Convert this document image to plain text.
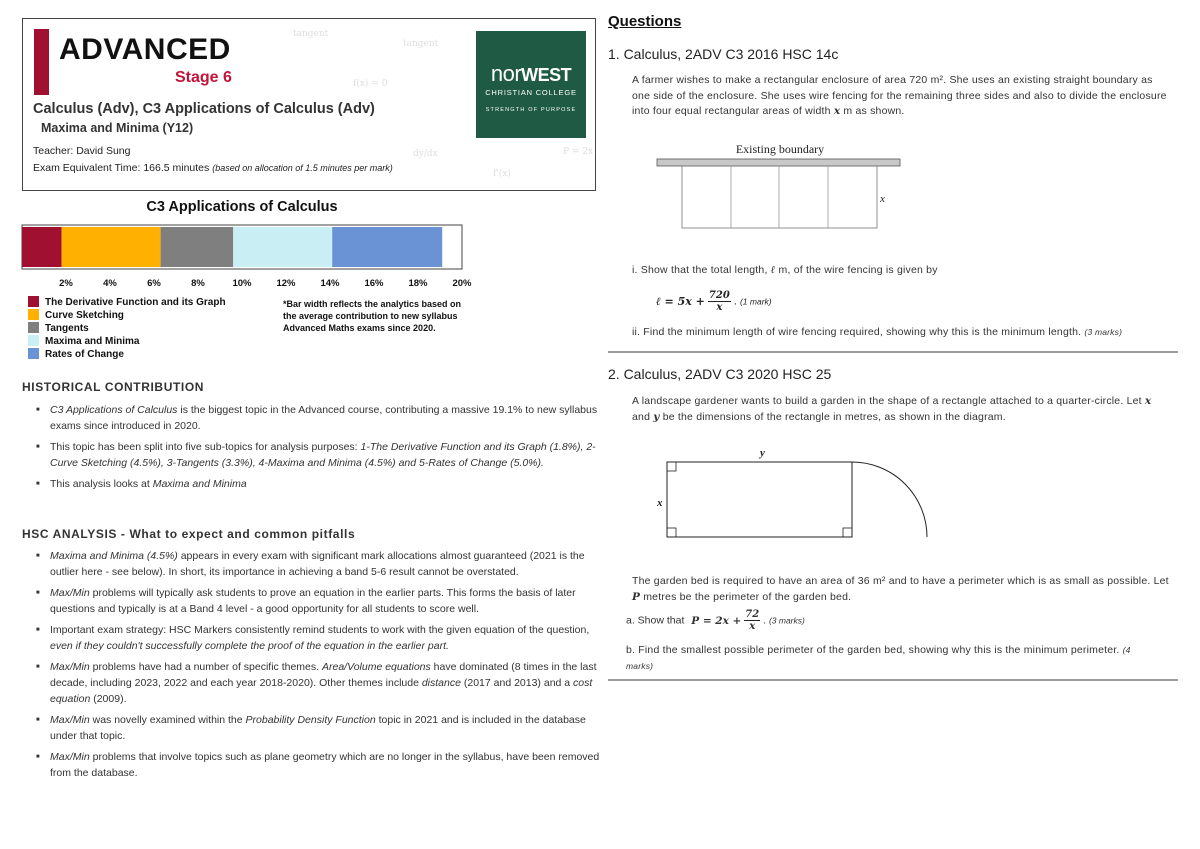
tangent
f(x) = 0
dy/dx	P = 2x
tangent
f'(x)
ADVANCED
Stage 6
Calculus (Adv), C3 Applications of Calculus (Adv)
Maxima and Minima (Y12)
Teacher: David Sung
Exam Equivalent Time: 166.5 minutes (based on allocation of 1.5 minutes per mark)
norWEST
CHRISTIAN COLLEGE
STRENGTH OF PURPOSE
C3 Applications of Calculus
2%	4%	6%	8%	10%	12%	14%	16%	18%	20%
The Derivative Function and its Graph
Curve Sketching
Tangents
Maxima and Minima
Rates of Change
*Bar width reflects the analytics based on the average contribution to new syllabus Advanced Maths exams since 2020.
HISTORICAL CONTRIBUTION
■ C3 Applications of Calculus is the biggest topic in the Advanced course, contributing a massive 19.1% to new syllabus exams since introduced in 2020.
■ This topic has been split into five sub-topics for analysis purposes: 1-The Derivative Function and its Graph (1.8%), 2-Curve Sketching (4.5%), 3-Tangents (3.3%), 4-Maxima and Minima (4.5%) and 5-Rates of Change (5.0%).
■ This analysis looks at Maxima and Minima
HSC ANALYSIS - What to expect and common pitfalls
■ Maxima and Minima (4.5%) appears in every exam with significant mark allocations almost guaranteed (2021 is the outlier here - see below). In short, its importance in achieving a band 5-6 result cannot be overstated.
■ Max/Min problems will typically ask students to prove an equation in the earlier parts. This forms the basis of later questions and typically is at a Band 4 level - a good opportunity for all students to score well.
■ Important exam strategy: HSC Markers consistently remind students to work with the given equation of the question, even if they couldn't successfully complete the proof of the equation in the earlier part.
■ Max/Min problems have had a number of specific themes. Area/Volume equations have dominated (8 times in the last decade, including 2023, 2022 and each year 2018-2020). Other themes include distance (2017 and 2013) and a cost equation (2009).
■ Max/Min was novelly examined within the Probability Density Function topic in 2021 and is included in the database under that topic.
■ Max/Min problems that involve topics such as plane geometry which are no longer in the syllabus, have been removed from the database.
Questions
1. Calculus, 2ADV C3 2016 HSC 14c
A farmer wishes to make a rectangular enclosure of area 720 m². She uses an existing straight boundary as one side of the enclosure. She uses wire fencing for the remaining three sides and also to divide the enclosure into four equal rectangular areas of width x m as shown.
Existing boundary
x
i. Show that the total length, ℓ m, of the wire fencing is given by
ℓ = $5x + \frac{720}{x}$ . (1 mark)
ii. Find the minimum length of wire fencing required, showing why this is the minimum length. (3 marks)
2. Calculus, 2ADV C3 2020 HSC 25
A landscape gardener wants to build a garden in the shape of a rectangle attached to a quarter-circle. Let x and y be the dimensions of the rectangle in metres, as shown in the diagram.
y
x
The garden bed is required to have an area of 36 m² and to have a perimeter which is as small as possible. Let P metres be the perimeter of the garden bed.
a. Show that $P = 2x + \frac{72}{x}$ . (3 marks)
b. Find the smallest possible perimeter of the garden bed, showing why this is the minimum perimeter. (4 marks)
